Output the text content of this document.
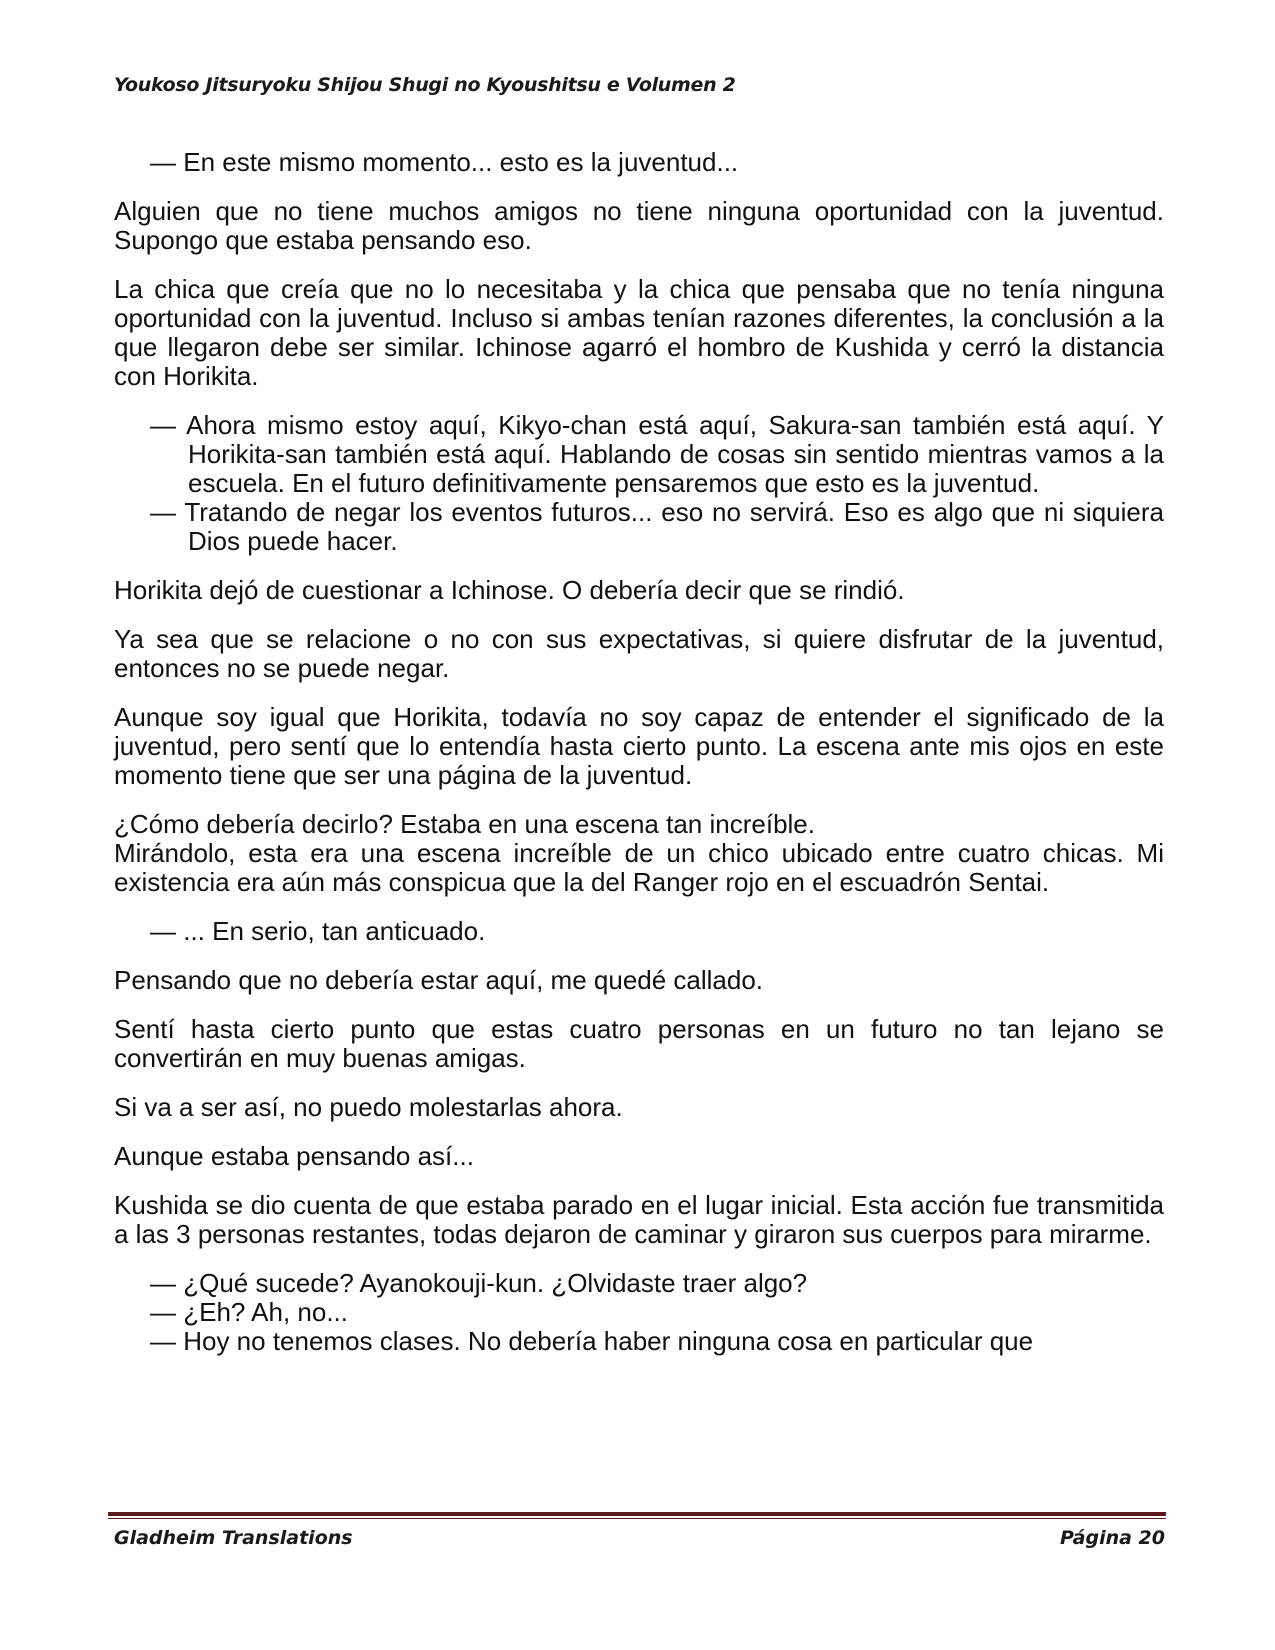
Youkoso Jitsuryoku Shijou Shugi no Kyoushitsu e Volumen 2

— En este mismo momento... esto es la juventud...

Alguien que no tiene muchos amigos no tiene ninguna oportunidad con la juventud. Supongo que estaba pensando eso.

La chica que creía que no lo necesitaba y la chica que pensaba que no tenía ninguna oportunidad con la juventud. Incluso si ambas tenían razones diferentes, la conclusión a la que llegaron debe ser similar. Ichinose agarró el hombro de Kushida y cerró la distancia con Horikita.

— Ahora mismo estoy aquí, Kikyo-chan está aquí, Sakura-san también está aquí. Y Horikita-san también está aquí. Hablando de cosas sin sentido mientras vamos a la escuela. En el futuro definitivamente pensaremos que esto es la juventud.

— Tratando de negar los eventos futuros... eso no servirá. Eso es algo que ni siquiera Dios puede hacer.

Horikita dejó de cuestionar a Ichinose. O debería decir que se rindió.

Ya sea que se relacione o no con sus expectativas, si quiere disfrutar de la juventud, entonces no se puede negar.

Aunque soy igual que Horikita, todavía no soy capaz de entender el significado de la juventud, pero sentí que lo entendía hasta cierto punto. La escena ante mis ojos en este momento tiene que ser una página de la juventud.

¿Cómo debería decirlo? Estaba en una escena tan increíble.
Mirándolo, esta era una escena increíble de un chico ubicado entre cuatro chicas. Mi existencia era aún más conspicua que la del Ranger rojo en el escuadrón Sentai.

— ... En serio, tan anticuado.

Pensando que no debería estar aquí, me quedé callado.

Sentí hasta cierto punto que estas cuatro personas en un futuro no tan lejano se convertirán en muy buenas amigas.

Si va a ser así, no puedo molestarlas ahora.

Aunque estaba pensando así...

Kushida se dio cuenta de que estaba parado en el lugar inicial. Esta acción fue transmitida a las 3 personas restantes, todas dejaron de caminar y giraron sus cuerpos para mirarme.

— ¿Qué sucede? Ayanokouji-kun. ¿Olvidaste traer algo?

— ¿Eh? Ah, no...

— Hoy no tenemos clases. No debería haber ninguna cosa en particular que

Gladheim Translations	Página 20
